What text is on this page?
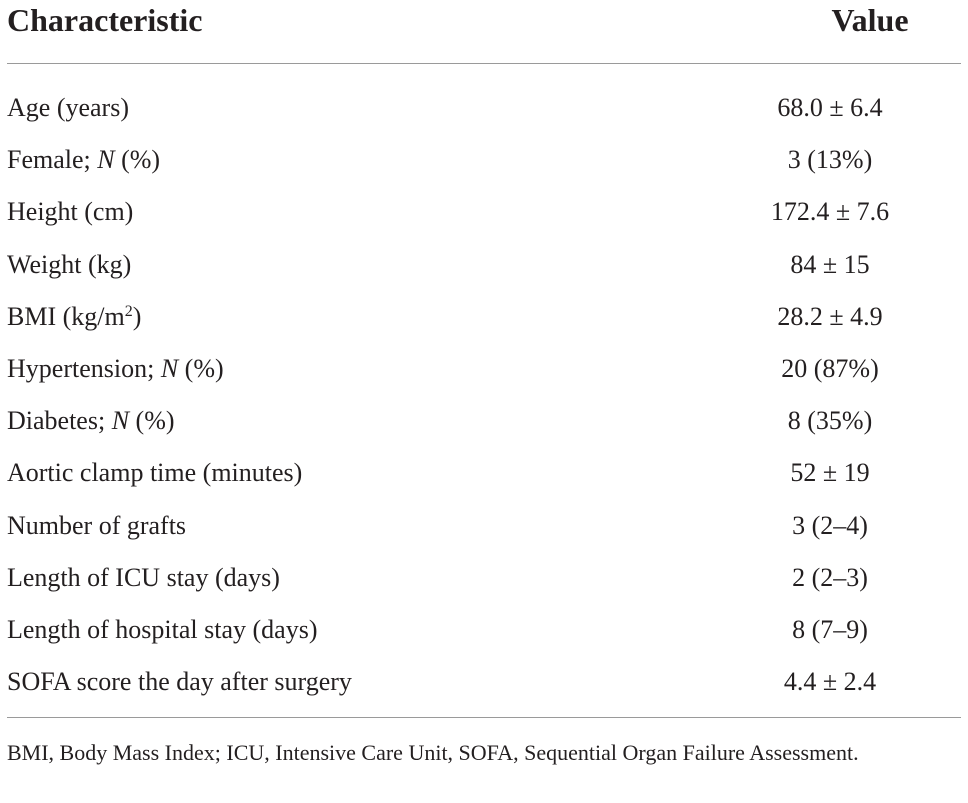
Characteristic	Value
Age (years)	68.0 ± 6.4
Female; N (%)	3 (13%)
Height (cm)	172.4 ± 7.6
Weight (kg)	84 ± 15
BMI $(kg/m^2)$	28.2 ± 4.9
Hypertension; N (%)	20 (87%)
Diabetes; N (%)	8 (35%)
Aortic clamp time (minutes)	52 ± 19
Number of grafts	3 (2–4)
Length of ICU stay (days)	2 (2–3)
Length of hospital stay (days)	8 (7–9)
SOFA score the day after surgery	4.4 ± 2.4
BMI, Body Mass Index; ICU, Intensive Care Unit, SOFA, Sequential Organ Failure Assessment.
